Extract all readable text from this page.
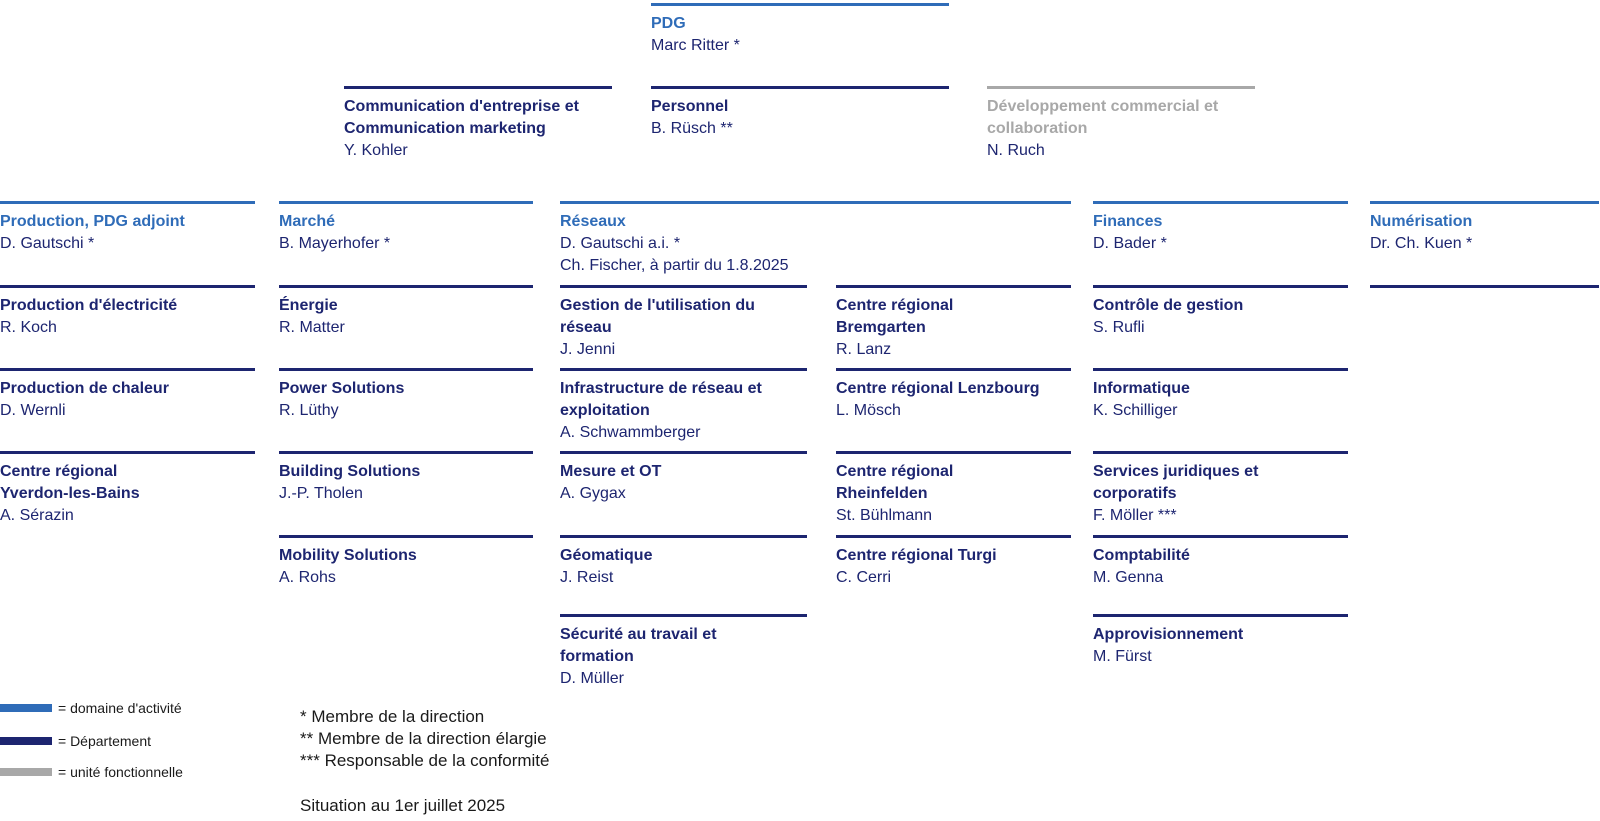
PDG
Marc Ritter *
Communication d'entreprise et
Communication marketing
Y. Kohler
Personnel
B. Rüsch **
Développement commercial et
collaboration
N. Ruch
Production, PDG adjoint
D. Gautschi *
Marché
B. Mayerhofer *
Réseaux
D. Gautschi a.i. *
Ch. Fischer, à partir du 1.8.2025
Finances
D. Bader *
Numérisation
Dr. Ch. Kuen *
Production d'électricité
R. Koch
Production de chaleur
D. Wernli
Centre régional
Yverdon-les-Bains
A. Sérazin
Énergie
R. Matter
Power Solutions
R. Lüthy
Building Solutions
J.-P. Tholen
Mobility Solutions
A. Rohs
Gestion de l'utilisation du
réseau
J. Jenni
Infrastructure de réseau et
exploitation
A. Schwammberger
Mesure et OT
A. Gygax
Géomatique
J. Reist
Sécurité au travail et
formation
D. Müller
Centre régional
Bremgarten
R. Lanz
Centre régional Lenzbourg
L. Mösch
Centre régional
Rheinfelden
St. Bühlmann
Centre régional Turgi
C. Cerri
Contrôle de gestion
S. Rufli
Informatique
K. Schilliger
Services juridiques et
corporatifs
F. Möller ***
Comptabilité
M. Genna
Approvisionnement
M. Fürst
= domaine d'activité
= Département
= unité fonctionnelle
* Membre de la direction
** Membre de la direction élargie
*** Responsable de la conformité
Situation au 1er juillet 2025
